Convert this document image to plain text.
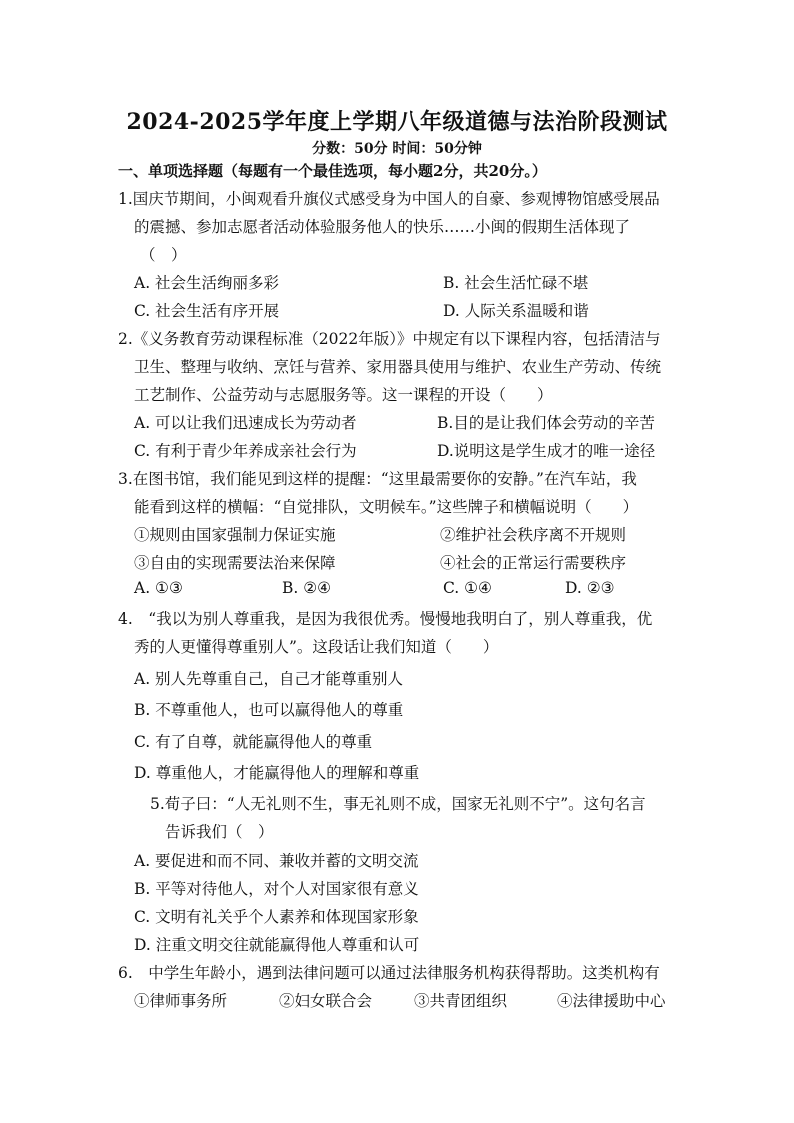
2024-2025学年度上学期八年级道德与法治阶段测试
分数：50分 时间：50分钟
一、单项选择题（每题有一个最佳选项，每小题2分，共20分。）
1.国庆节期间，小闽观看升旗仪式感受身为中国人的自豪、参观博物馆感受展品
的震撼、参加志愿者活动体验服务他人的快乐……小闽的假期生活体现了
（　）
A. 社会生活绚丽多彩	B. 社会生活忙碌不堪
C. 社会生活有序开展	D. 人际关系温暖和谐
2.《义务教育劳动课程标准（2022年版）》中规定有以下课程内容，包括清洁与
卫生、整理与收纳、烹饪与营养、家用器具使用与维护、农业生产劳动、传统
工艺制作、公益劳动与志愿服务等。这一课程的开设（　　）
A. 可以让我们迅速成长为劳动者	B.目的是让我们体会劳动的辛苦
C. 有利于青少年养成亲社会行为	D.说明这是学生成才的唯一途径
3.在图书馆，我们能见到这样的提醒：“这里最需要你的安静。”在汽车站，我
能看到这样的横幅：“自觉排队，文明候车。”这些牌子和横幅说明（　　）
①规则由国家强制力保证实施	②维护社会秩序离不开规则
③自由的实现需要法治来保障	④社会的正常运行需要秩序
A. ①③	B. ②④	C. ①④	D. ②③
4.　“我以为别人尊重我，是因为我很优秀。慢慢地我明白了，别人尊重我，优
秀的人更懂得尊重别人”。这段话让我们知道（　　）
A. 别人先尊重自己，自己才能尊重别人
B. 不尊重他人，也可以赢得他人的尊重
C. 有了自尊，就能赢得他人的尊重
D. 尊重他人，才能赢得他人的理解和尊重
5.荀子曰：“人无礼则不生，事无礼则不成，国家无礼则不宁”。这句名言
告诉我们（　）
A. 要促进和而不同、兼收并蓄的文明交流
B. 平等对待他人，对个人对国家很有意义
C. 文明有礼关乎个人素养和体现国家形象
D. 注重文明交往就能赢得他人尊重和认可
6.　中学生年龄小，遇到法律问题可以通过法律服务机构获得帮助。这类机构有
①律师事务所	②妇女联合会	③共青团组织	④法律援助中心
